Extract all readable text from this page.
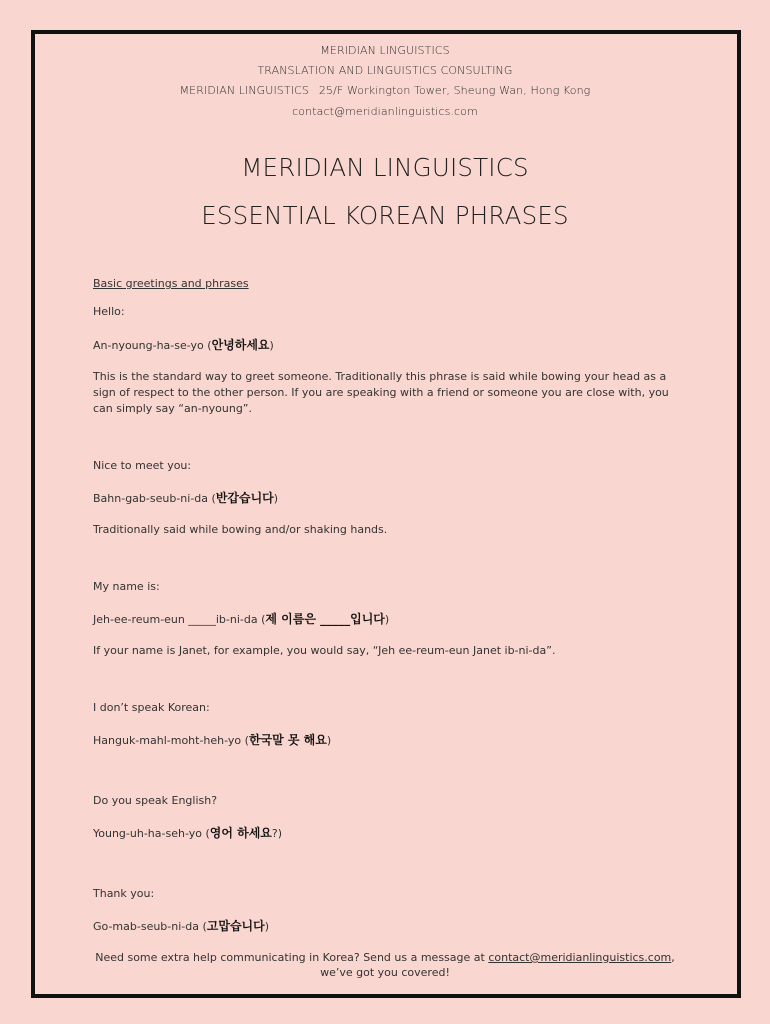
MERIDIAN LINGUISTICS
TRANSLATION AND LINGUISTICS CONSULTING
MERIDIAN LINGUISTICS 25/F Workington Tower, Sheung Wan, Hong Kong
contact@meridianlinguistics.com
MERIDIAN LINGUISTICS
ESSENTIAL KOREAN PHRASES
Basic greetings and phrases
Hello:
An-nyoung-ha-se-yo (안녕하세요)
This is the standard way to greet someone. Traditionally this phrase is said while bowing your head as a sign of respect to the other person. If you are speaking with a friend or someone you are close with, you can simply say “an-nyoung”.
Nice to meet you:
Bahn-gab-seub-ni-da (반갑습니다)
Traditionally said while bowing and/or shaking hands.
My name is:
Jeh-ee-reum-eun _____ib-ni-da (제 이름은 _____입니다)
If your name is Janet, for example, you would say, “Jeh ee-reum-eun Janet ib-ni-da”.
I don’t speak Korean:
Hanguk-mahl-moht-heh-yo (한국말 못 해요)
Do you speak English?
Young-uh-ha-seh-yo (영어 하세요?)
Thank you:
Go-mab-seub-ni-da (고맙습니다)
Need some extra help communicating in Korea? Send us a message at contact@meridianlinguistics.com, we’ve got you covered!
